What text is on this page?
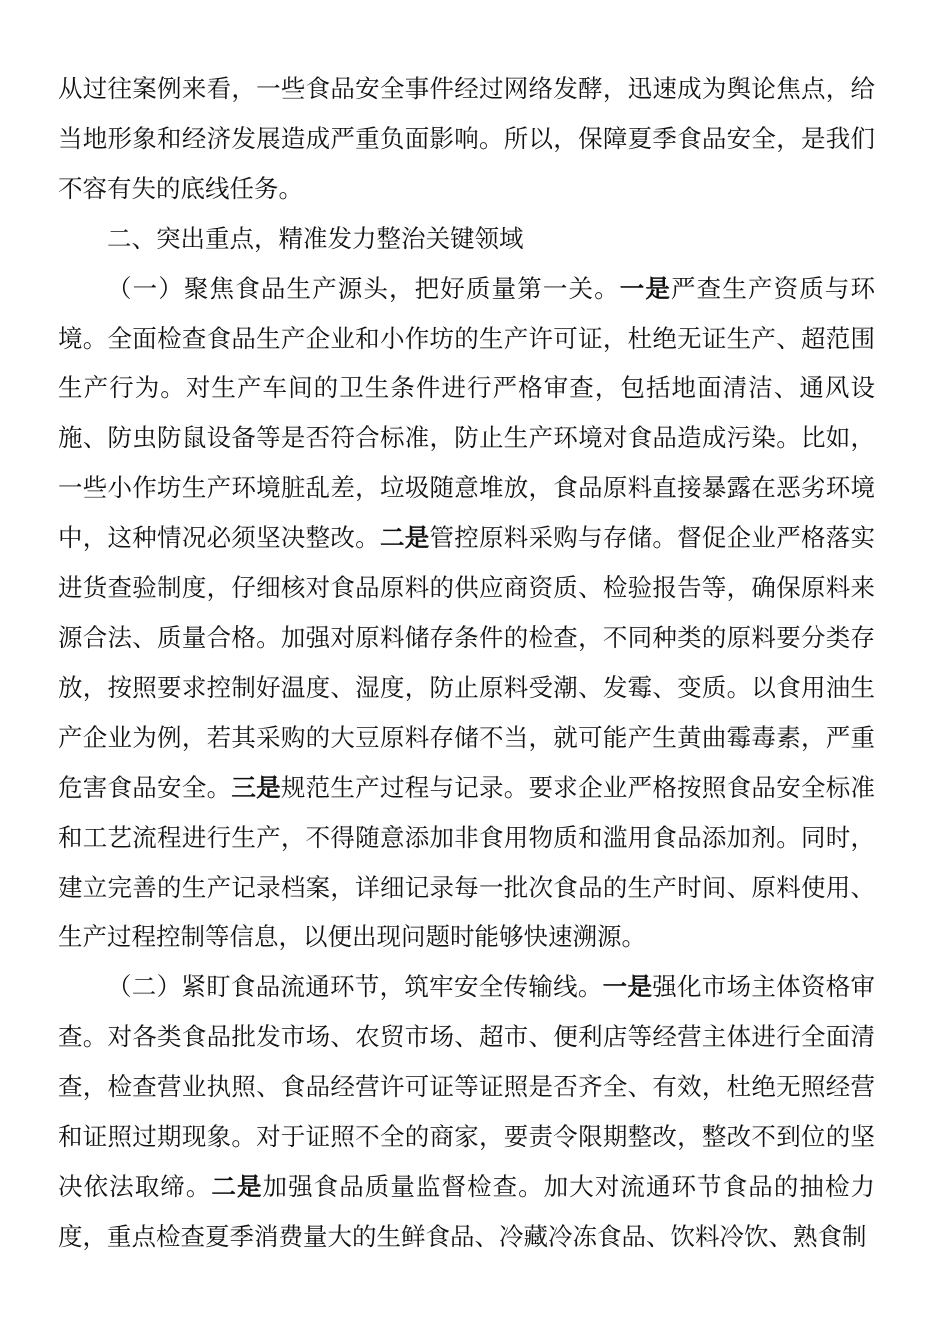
从过往案例来看，一些食品安全事件经过网络发酵，迅速成为舆论焦点，给当地形象和经济发展造成严重负面影响。所以，保障夏季食品安全，是我们不容有失的底线任务。

二、突出重点，精准发力整治关键领域

（一）聚焦食品生产源头，把好质量第一关。一是严查生产资质与环境。全面检查食品生产企业和小作坊的生产许可证，杜绝无证生产、超范围生产行为。对生产车间的卫生条件进行严格审查，包括地面清洁、通风设施、防虫防鼠设备等是否符合标准，防止生产环境对食品造成污染。比如，一些小作坊生产环境脏乱差，垃圾随意堆放，食品原料直接暴露在恶劣环境中，这种情况必须坚决整改。二是管控原料采购与存储。督促企业严格落实进货查验制度，仔细核对食品原料的供应商资质、检验报告等，确保原料来源合法、质量合格。加强对原料储存条件的检查，不同种类的原料要分类存放，按照要求控制好温度、湿度，防止原料受潮、发霉、变质。以食用油生产企业为例，若其采购的大豆原料存储不当，就可能产生黄曲霉毒素，严重危害食品安全。三是规范生产过程与记录。要求企业严格按照食品安全标准和工艺流程进行生产，不得随意添加非食用物质和滥用食品添加剂。同时，建立完善的生产记录档案，详细记录每一批次食品的生产时间、原料使用、生产过程控制等信息，以便出现问题时能够快速溯源。

（二）紧盯食品流通环节，筑牢安全传输线。一是强化市场主体资格审查。对各类食品批发市场、农贸市场、超市、便利店等经营主体进行全面清查，检查营业执照、食品经营许可证等证照是否齐全、有效，杜绝无照经营和证照过期现象。对于证照不全的商家，要责令限期整改，整改不到位的坚决依法取缔。二是加强食品质量监督检查。加大对流通环节食品的抽检力度，重点检查夏季消费量大的生鲜食品、冷藏冷冻食品、饮料冷饮、熟食制
